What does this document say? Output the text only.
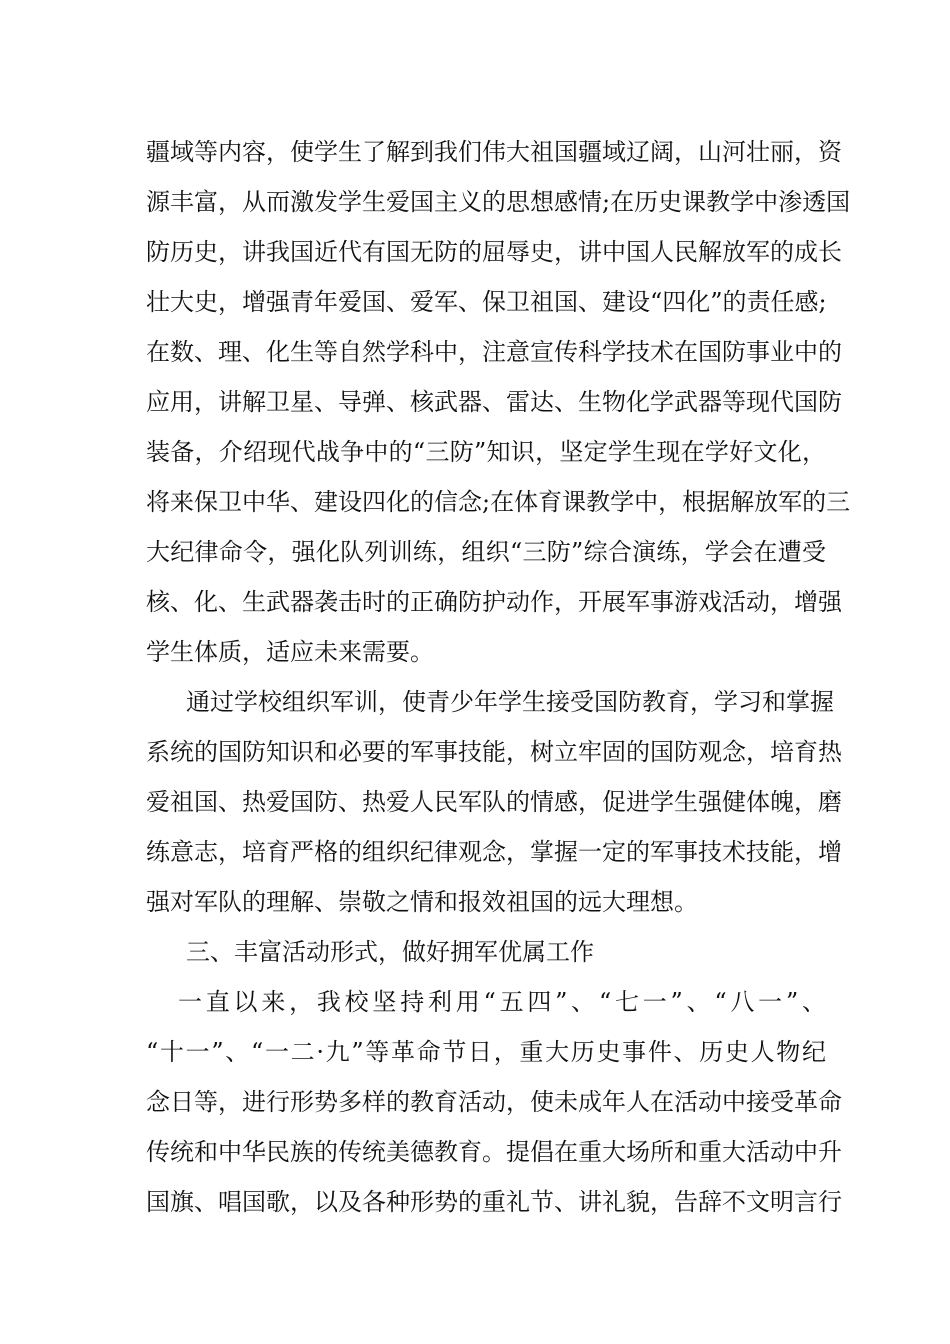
疆域等内容，使学生了解到我们伟大祖国疆域辽阔，山河壮丽，资
源丰富，从而激发学生爱国主义的思想感情;在历史课教学中渗透国
防历史，讲我国近代有国无防的屈辱史，讲中国人民解放军的成长
壮大史，增强青年爱国、爱军、保卫祖国、建设“四化”的责任感;
在数、理、化生等自然学科中，注意宣传科学技术在国防事业中的
应用，讲解卫星、导弹、核武器、雷达、生物化学武器等现代国防
装备，介绍现代战争中的“三防”知识，坚定学生现在学好文化，
将来保卫中华、建设四化的信念;在体育课教学中，根据解放军的三
大纪律命令，强化队列训练，组织“三防”综合演练，学会在遭受
核、化、生武器袭击时的正确防护动作，开展军事游戏活动，增强
学生体质，适应未来需要。
通过学校组织军训，使青少年学生接受国防教育，学习和掌握
系统的国防知识和必要的军事技能，树立牢固的国防观念，培育热
爱祖国、热爱国防、热爱人民军队的情感，促进学生强健体魄，磨
练意志，培育严格的组织纪律观念，掌握一定的军事技术技能，增
强对军队的理解、崇敬之情和报效祖国的远大理想。
三、丰富活动形式，做好拥军优属工作
一直以来，我校坚持利用“五四”、“七一”、“八一”、
“十一”、“一二·九”等革命节日，重大历史事件、历史人物纪
念日等，进行形势多样的教育活动，使未成年人在活动中接受革命
传统和中华民族的传统美德教育。提倡在重大场所和重大活动中升
国旗、唱国歌，以及各种形势的重礼节、讲礼貌，告辞不文明言行
